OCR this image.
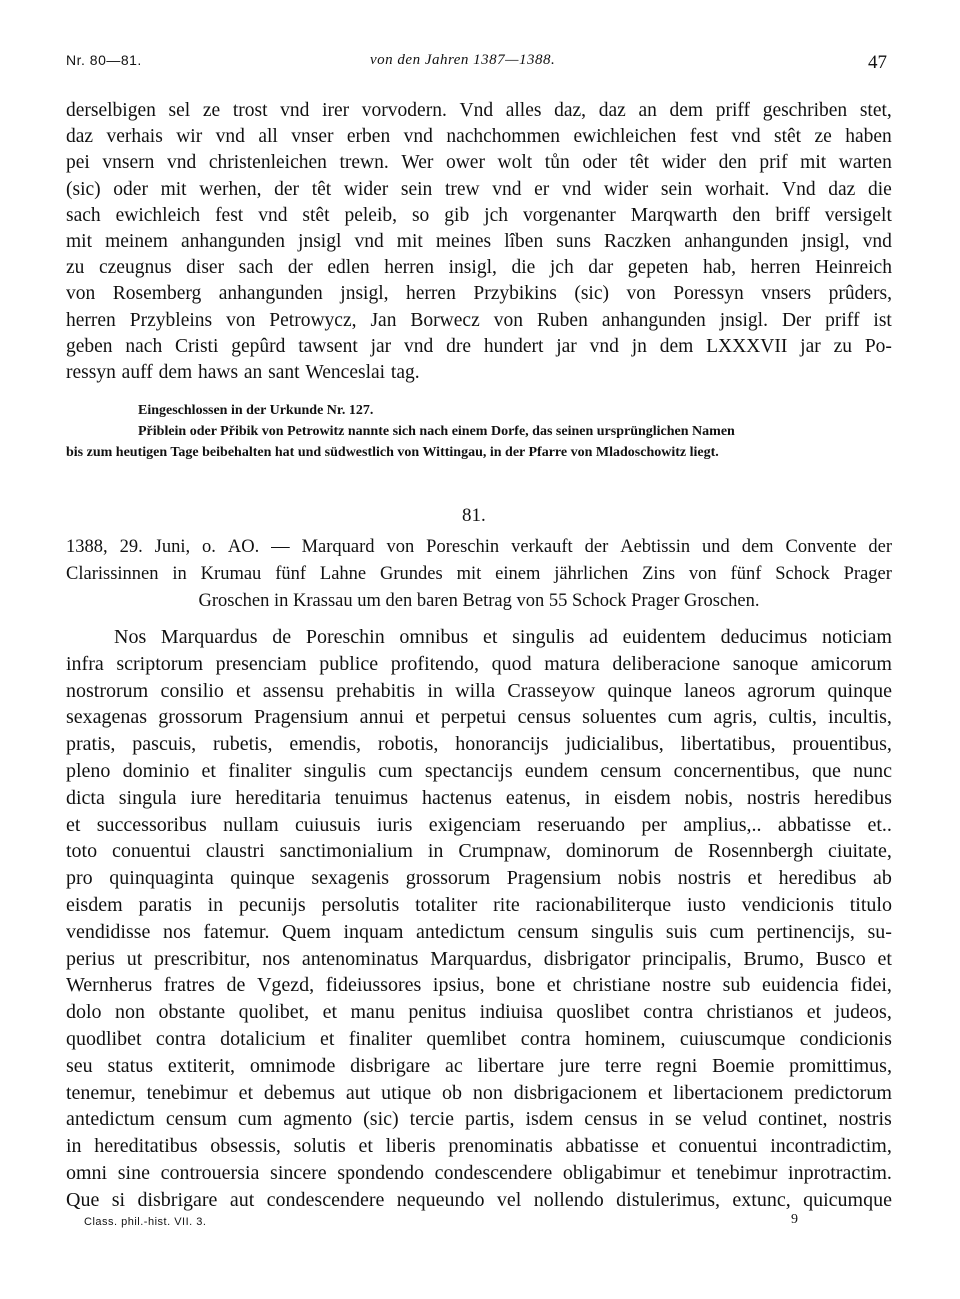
Nr. 80—81.	von den Jahren 1387—1388.	47
derselbigen sel ze trost vnd irer vorvodern. Vnd alles daz, daz an dem priff geschriben stet,
daz verhais wir vnd all vnser erben vnd nachchommen ewichleichen fest vnd stêt ze haben
pei vnsern vnd christenleichen trewn. Wer ower wolt tůn oder têt wider den prif mit warten
(sic) oder mit werhen, der têt wider sein trew vnd er vnd wider sein worhait. Vnd daz die
sach ewichleich fest vnd stêt peleib, so gib jch vorgenanter Marqwarth den briff versigelt
mit meinem anhangunden jnsigl vnd mit meines lîben suns Raczken anhangunden jnsigl, vnd
zu czeugnus diser sach der edlen herren insigl, die jch dar gepeten hab, herren Heinreich
von Rosemberg anhangunden jnsigl, herren Przybikins (sic) von Poressyn vnsers prûders,
herren Przybleins von Petrowycz, Jan Borwecz von Ruben anhangunden jnsigl. Der priff ist
geben nach Cristi gepûrd tawsent jar vnd dre hundert jar vnd jn dem LXXXVII jar zu Po-
ressyn auff dem haws an sant Wenceslai tag.
Eingeschlossen in der Urkunde Nr. 127.
Přiblein oder Přibik von Petrowitz nannte sich nach einem Dorfe, das seinen ursprünglichen Namen
bis zum heutigen Tage beibehalten hat und südwestlich von Wittingau, in der Pfarre von Mladoschowitz liegt.
81.
1388, 29. Juni, o. AO. — Marquard von Poreschin verkauft der Aebtissin und dem Convente der
Clarissinnen in Krumau fünf Lahne Grundes mit einem jährlichen Zins von fünf Schock Prager
Groschen in Krassau um den baren Betrag von 55 Schock Prager Groschen.
Nos Marquardus de Poreschin omnibus et singulis ad euidentem deducimus noticiam
infra scriptorum presenciam publice profitendo, quod matura deliberacione sanoque amicorum
nostrorum consilio et assensu prehabitis in willa Crasseyow quinque laneos agrorum quinque
sexagenas grossorum Pragensium annui et perpetui census soluentes cum agris, cultis, incultis,
pratis, pascuis, rubetis, emendis, robotis, honorancijs judicialibus, libertatibus, prouentibus,
pleno dominio et finaliter singulis cum spectancijs eundem censum concernentibus, que nunc
dicta singula iure hereditaria tenuimus hactenus eatenus, in eisdem nobis, nostris heredibus
et successoribus nullam cuiusuis iuris exigenciam reseruando per amplius,.. abbatisse et..
toto conuentui claustri sanctimonialium in Crumpnaw, dominorum de Rosennbergh ciuitate,
pro quinquaginta quinque sexagenis grossorum Pragensium nobis nostris et heredibus ab
eisdem paratis in pecunijs persolutis totaliter rite racionabiliterque iusto vendicionis titulo
vendidisse nos fatemur. Quem inquam antedictum censum singulis suis cum pertinencijs, su-
perius ut prescribitur, nos antenominatus Marquardus, disbrigator principalis, Brumo, Busco et
Wernherus fratres de Vgezd, fideiussores ipsius, bone et christiane nostre sub euidencia fidei,
dolo non obstante quolibet, et manu penitus indiuisa quoslibet contra christianos et judeos,
quodlibet contra dotalicium et finaliter quemlibet contra hominem, cuiuscumque condicionis
seu status extiterit, omnimode disbrigare ac libertare jure terre regni Boemie promittimus,
tenemur, tenebimur et debemus aut utique ob non disbrigacionem et libertacionem predictorum
antedictum censum cum agmento (sic) tercie partis, isdem census in se velud continet, nostris
in hereditatibus obsessis, solutis et liberis prenominatis abbatisse et conuentui incontradictim,
omni sine controuersia sincere spondendo condescendere obligabimur et tenebimur inprotractim.
Que si disbrigare aut condescendere nequeundo vel nollendo distulerimus, extunc, quicumque
Class. phil.-hist. VII. 3.	9
